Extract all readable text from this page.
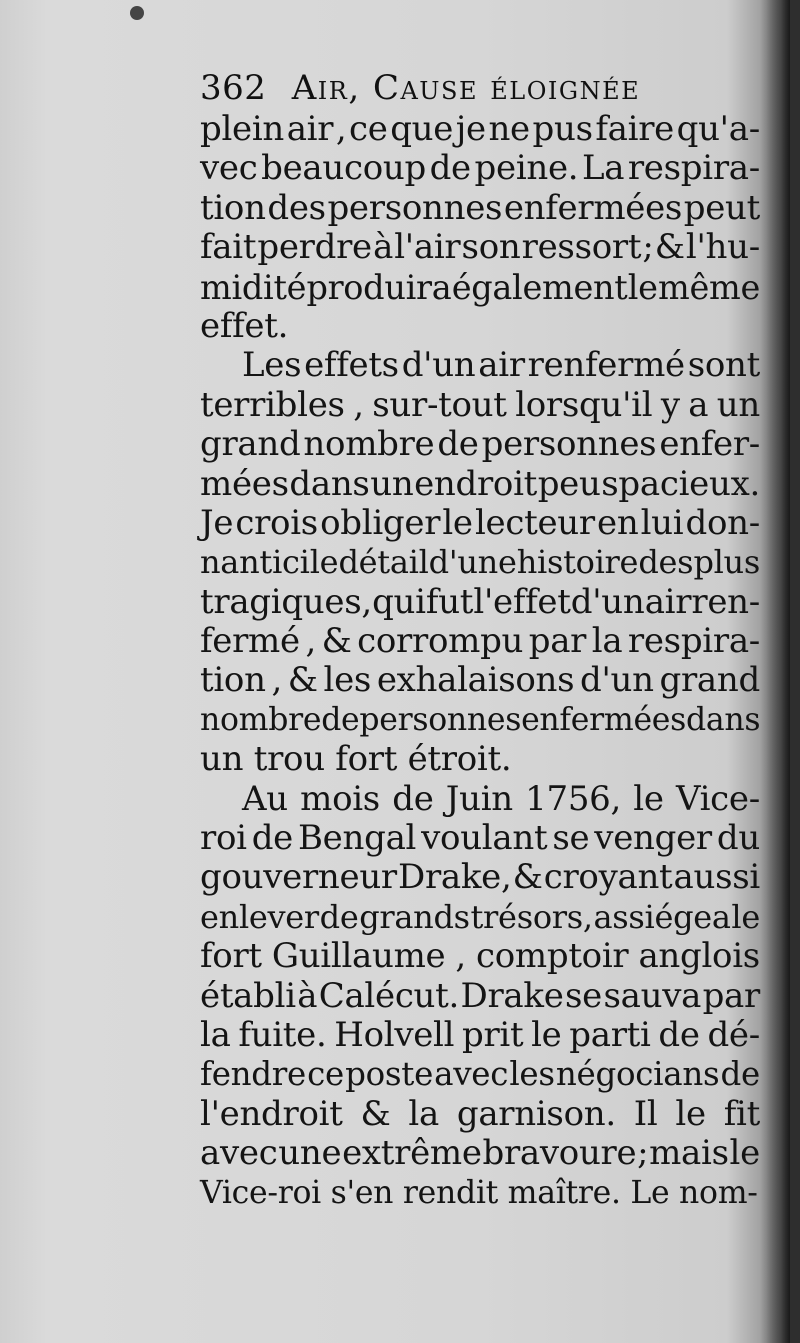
362 Air, Cause éloignée
plein air , ce que je ne pus faire qu'a-
vec beaucoup de peine. La respira-
tion des personnes enfermées peut
fait perdre à l'air son ressort ; & l'hu-
midité produira également le même
effet.
Les effets d'un air renfermé sont
terribles , sur-tout lorsqu'il y a un
grand nombre de personnes enfer-
mées dans un endroit peu spacieux.
Je crois obliger le lecteur en lui don-
nant ici le détail d'une histoire des plus
tragiques, qui fut l'effet d'un air ren-
fermé , & corrompu par la respira-
tion , & les exhalaisons d'un grand
nombre de personnes enfermées dans
un trou fort étroit.
Au mois de Juin 1756, le Vice-
roi de Bengal voulant se venger du
gouverneur Drake, & croyant aussi
enlever de grands trésors, assiégea le
fort Guillaume , comptoir anglois
établi à Calécut. Drake se sauva par
la fuite. Holvell prit le parti de dé-
fendre ce poste avec les négocians de
l'endroit & la garnison. Il le fit
avec une extrême bravoure ; mais le
Vice-roi s'en rendit maître. Le nom-
